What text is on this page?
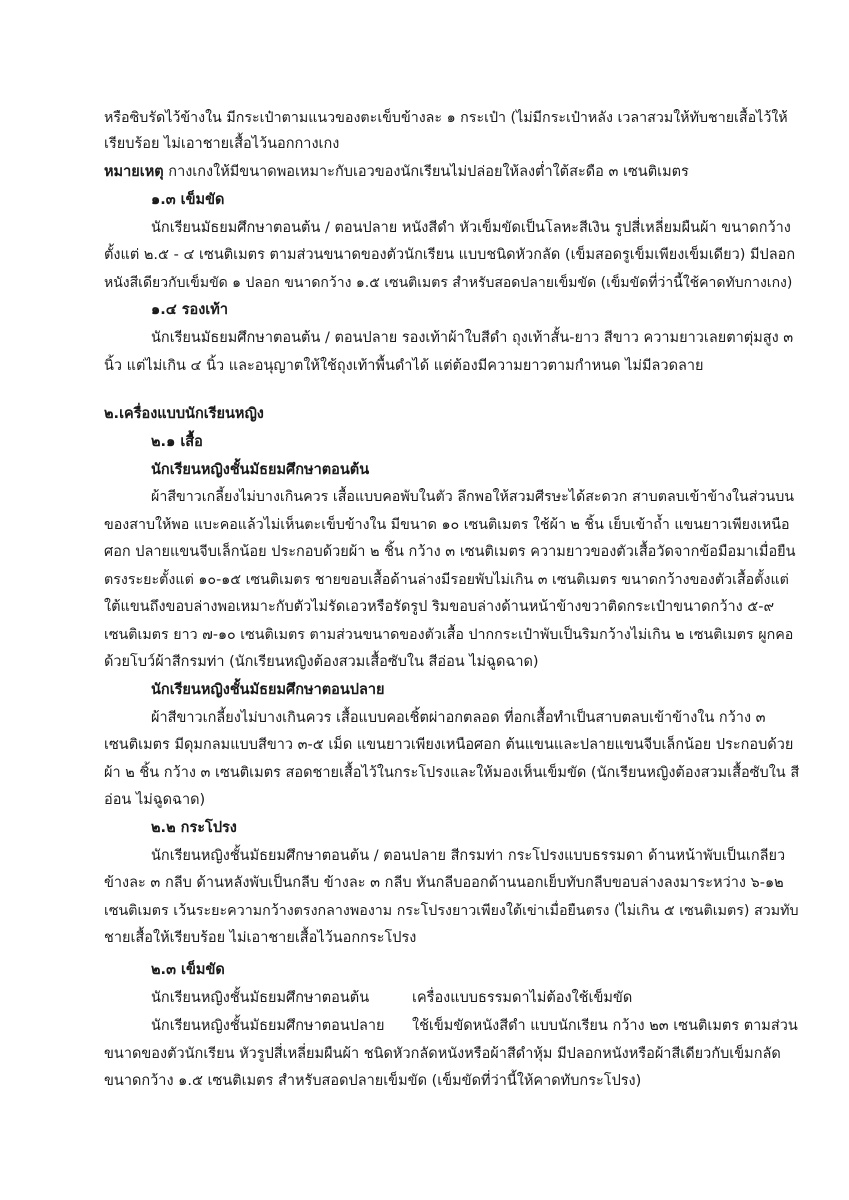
หรือซิบรัดไว้ข้างใน มีกระเป๋าตามแนวของตะเข็บข้างละ ๑ กระเป๋า (ไม่มีกระเป๋าหลัง เวลาสวมให้ทับชายเสื้อไว้ให้
เรียบร้อย ไม่เอาชายเสื้อไว้นอกกางเกง
หมายเหตุ กางเกงให้มีขนาดพอเหมาะกับเอวของนักเรียนไม่ปล่อยให้ลงต่ำใต้สะดือ ๓ เซนติเมตร
๑.๓ เข็มขัด
นักเรียนมัธยมศึกษาตอนต้น / ตอนปลาย หนังสีดำ หัวเข็มขัดเป็นโลหะสีเงิน รูปสี่เหลี่ยมผืนผ้า ขนาดกว้าง
ตั้งแต่ ๒.๕ - ๔ เซนติเมตร ตามส่วนขนาดของตัวนักเรียน แบบชนิดหัวกลัด (เข็มสอดรูเข็มเพียงเข็มเดียว) มีปลอก
หนังสีเดียวกับเข็มขัด ๑ ปลอก ขนาดกว้าง ๑.๕ เซนติเมตร สำหรับสอดปลายเข็มขัด (เข็มขัดที่ว่านี้ใช้คาดทับกางเกง)
๑.๔ รองเท้า
นักเรียนมัธยมศึกษาตอนต้น / ตอนปลาย รองเท้าผ้าใบสีดำ ถุงเท้าสั้น-ยาว สีขาว ความยาวเลยตาตุ่มสูง ๓
นิ้ว แต่ไม่เกิน ๔ นิ้ว และอนุญาตให้ใช้ถุงเท้าพื้นดำได้ แต่ต้องมีความยาวตามกำหนด ไม่มีลวดลาย
๒.เครื่องแบบนักเรียนหญิง
๒.๑ เสื้อ
นักเรียนหญิงชั้นมัธยมศึกษาตอนต้น
ผ้าสีขาวเกลี้ยงไม่บางเกินควร เสื้อแบบคอพับในตัว ลึกพอให้สวมศีรษะได้สะดวก สาบตลบเข้าข้างในส่วนบน
ของสาบให้พอ แบะคอแล้วไม่เห็นตะเข็บข้างใน มีขนาด ๑๐ เซนติเมตร ใช้ผ้า ๒ ชิ้น เย็บเข้าถ้ำ แขนยาวเพียงเหนือ
ศอก ปลายแขนจีบเล็กน้อย ประกอบด้วยผ้า ๒ ชิ้น กว้าง ๓ เซนติเมตร ความยาวของตัวเสื้อวัดจากข้อมือมาเมื่อยืน
ตรงระยะตั้งแต่ ๑๐-๑๕ เซนติเมตร ชายขอบเสื้อด้านล่างมีรอยพับไม่เกิน ๓ เซนติเมตร ขนาดกว้างของตัวเสื้อตั้งแต่
ใต้แขนถึงขอบล่างพอเหมาะกับตัวไม่รัดเอวหรือรัดรูป ริมขอบล่างด้านหน้าข้างขวาติดกระเป๋าขนาดกว้าง ๕-๙
เซนติเมตร ยาว ๗-๑๐ เซนติเมตร ตามส่วนขนาดของตัวเสื้อ ปากกระเป๋าพับเป็นริมกว้างไม่เกิน ๒ เซนติเมตร ผูกคอ
ด้วยโบว์ผ้าสีกรมท่า (นักเรียนหญิงต้องสวมเสื้อซับใน สีอ่อน ไม่ฉูดฉาด)
นักเรียนหญิงชั้นมัธยมศึกษาตอนปลาย
ผ้าสีขาวเกลี้ยงไม่บางเกินควร เสื้อแบบคอเชิ้ตผ่าอกตลอด ที่อกเสื้อทำเป็นสาบตลบเข้าข้างใน กว้าง ๓
เซนติเมตร มีดุมกลมแบบสีขาว ๓-๕ เม็ด แขนยาวเพียงเหนือศอก ต้นแขนและปลายแขนจีบเล็กน้อย ประกอบด้วย
ผ้า ๒ ชิ้น กว้าง ๓ เซนติเมตร สอดชายเสื้อไว้ในกระโปรงและให้มองเห็นเข็มขัด (นักเรียนหญิงต้องสวมเสื้อซับใน สี
อ่อน ไม่ฉูดฉาด)
๒.๒ กระโปรง
นักเรียนหญิงชั้นมัธยมศึกษาตอนต้น / ตอนปลาย สีกรมท่า กระโปรงแบบธรรมดา ด้านหน้าพับเป็นเกลียว
ข้างละ ๓ กลีบ ด้านหลังพับเป็นกลีบ ข้างละ ๓ กลีบ หันกลีบออกด้านนอกเย็บทับกลีบขอบล่างลงมาระหว่าง ๖-๑๒
เซนติเมตร เว้นระยะความกว้างตรงกลางพองาม กระโปรงยาวเพียงใต้เข่าเมื่อยืนตรง (ไม่เกิน ๕ เซนติเมตร) สวมทับ
ชายเสื้อให้เรียบร้อย ไม่เอาชายเสื้อไว้นอกกระโปรง
๒.๓ เข็มขัด
นักเรียนหญิงชั้นมัธยมศึกษาตอนต้น	เครื่องแบบธรรมดาไม่ต้องใช้เข็มขัด
นักเรียนหญิงชั้นมัธยมศึกษาตอนปลาย ใช้เข็มขัดหนังสีดำ แบบนักเรียน กว้าง ๒๓ เซนติเมตร ตามส่วน
ขนาดของตัวนักเรียน หัวรูปสี่เหลี่ยมผืนผ้า ชนิดหัวกลัดหนังหรือผ้าสีดำหุ้ม มีปลอกหนังหรือผ้าสีเดียวกับเข็มกลัด
ขนาดกว้าง ๑.๕ เซนติเมตร สำหรับสอดปลายเข็มขัด (เข็มขัดที่ว่านี้ให้คาดทับกระโปรง)
